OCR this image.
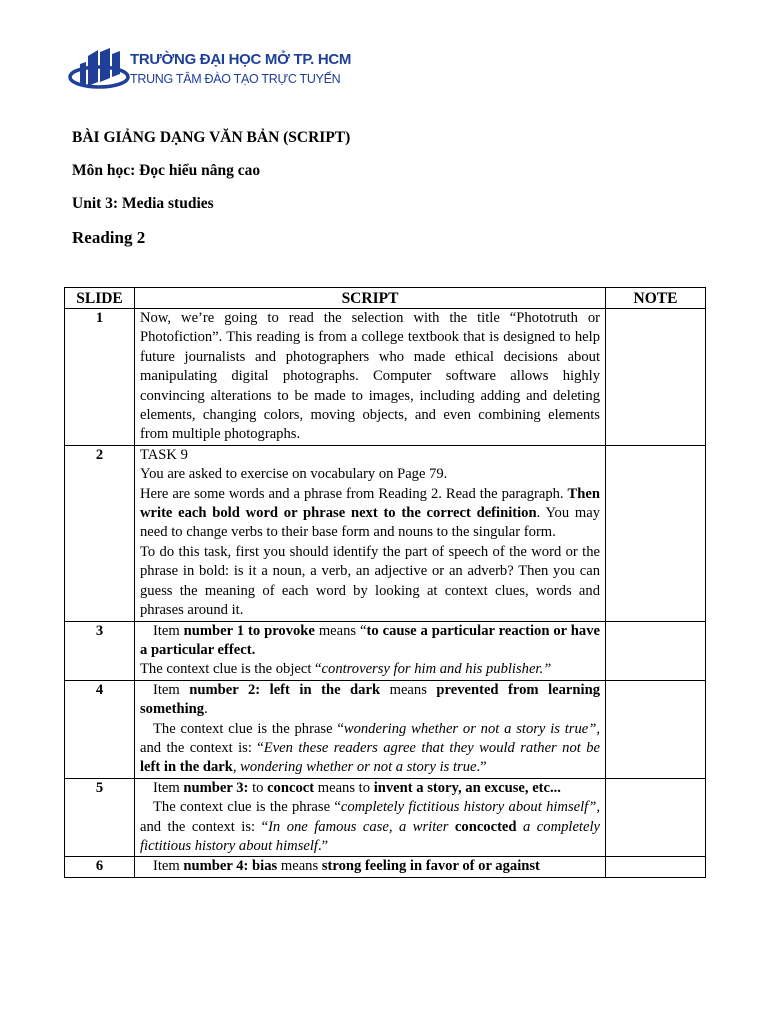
TRƯỜNG ĐẠI HỌC MỞ TP. HCM
TRUNG TÂM ĐÀO TẠO TRỰC TUYẾN
BÀI GIẢNG DẠNG VĂN BẢN (SCRIPT)
Môn học: Đọc hiểu nâng cao
Unit 3: Media studies
Reading 2
SLIDE	SCRIPT	NOTE
1	Now, we’re going to read the selection with the title “Phototruth or Photofiction”. This reading is from a college textbook that is designed to help future journalists and photographers who made ethical decisions about manipulating digital photographs. Computer software allows highly convincing alterations to be made to images, including adding and deleting elements, changing colors, moving objects, and even combining elements from multiple photographs.	

2	TASK 9

You are asked to exercise on vocabulary on Page 79.

Here are some words and a phrase from Reading 2. Read the paragraph. Then write each bold word or phrase next to the correct definition. You may need to change verbs to their base form and nouns to the singular form.

To do this task, first you should identify the part of speech of the word or the phrase in bold: is it a noun, a verb, an adjective or an adverb? Then you can guess the meaning of each word by looking at context clues, words and phrases around it.	

3	Item number 1 to provoke means “to cause a particular reaction or have a particular effect.

The context clue is the object “controversy for him and his publisher.”	

4	Item number 2: left in the dark means prevented from learning something.

The context clue is the phrase “wondering whether or not a story is true”, and the context is: “Even these readers agree that they would rather not be left in the dark, wondering whether or not a story is true.”	

5	Item number 3: to concoct means to invent a story, an excuse, etc...

The context clue is the phrase “completely fictitious history about himself”, and the context is: “In one famous case, a writer concocted a completely fictitious history about himself.”	

6	Item number 4: bias means strong feeling in favor of or against	
